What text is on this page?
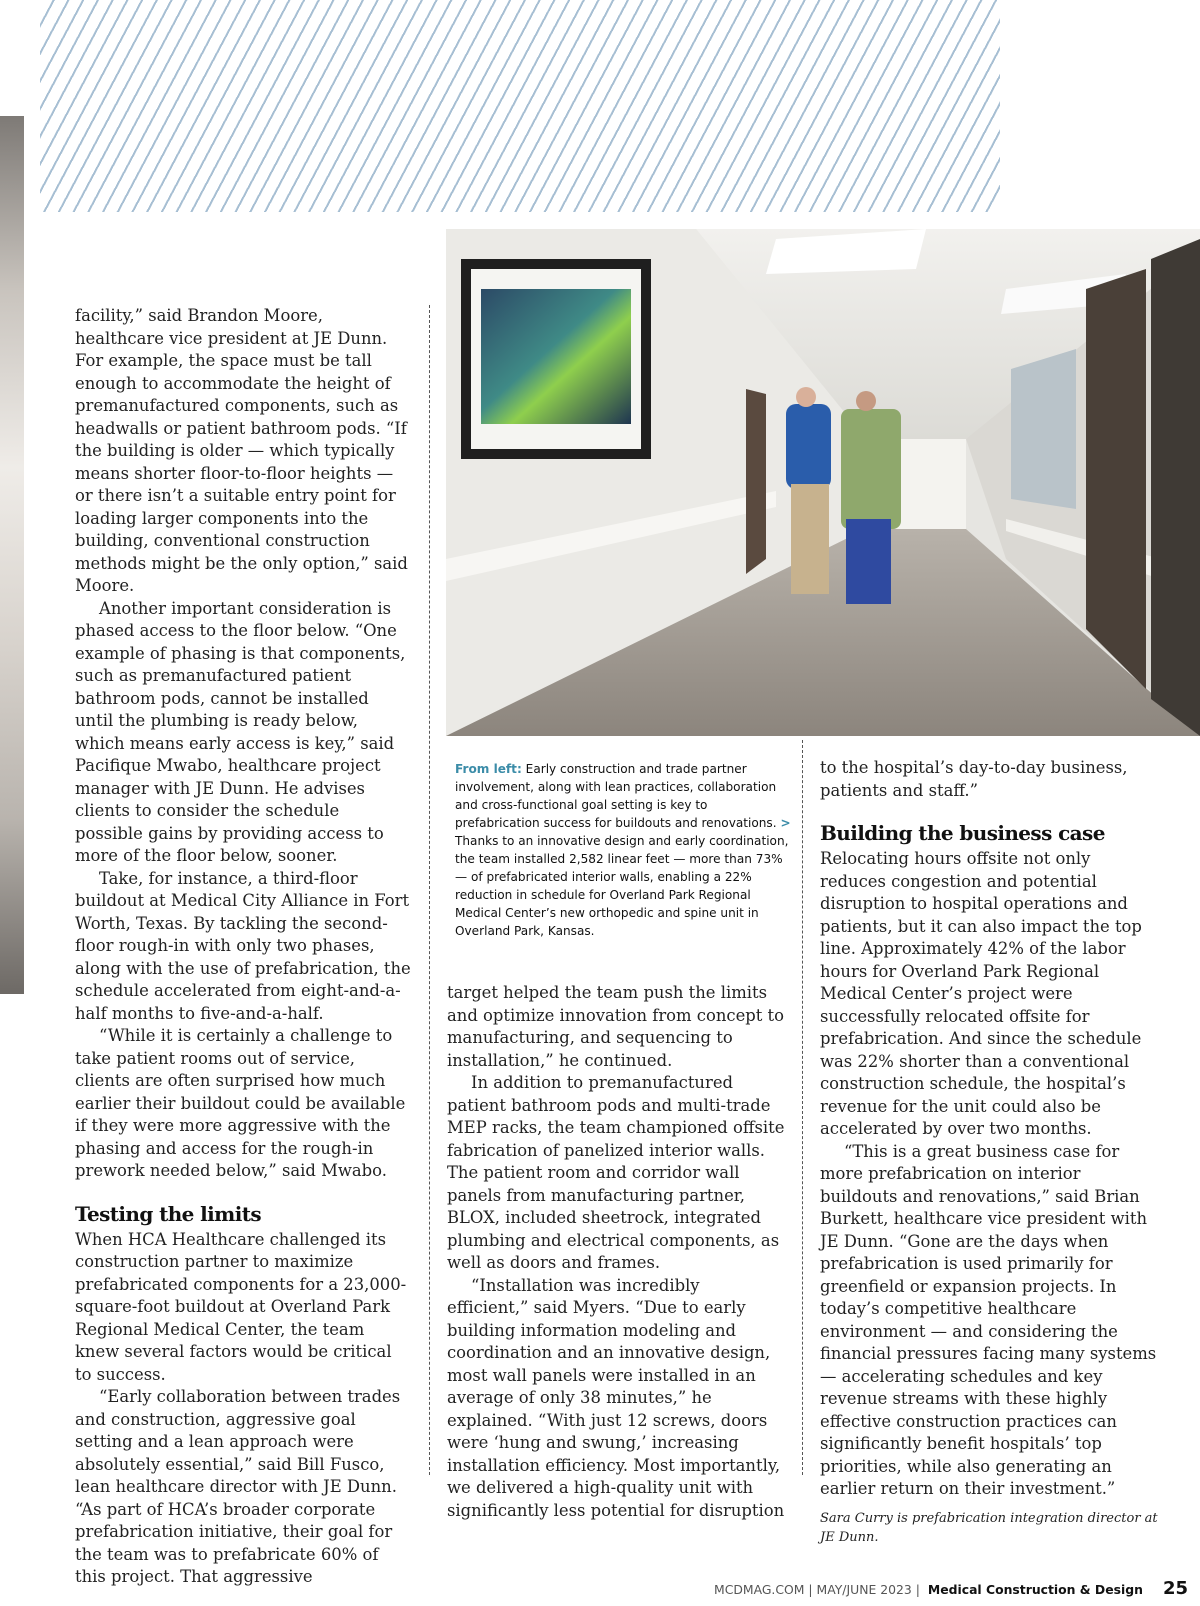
facility,” said Brandon Moore, healthcare vice president at JE Dunn. For example, the space must be tall enough to accommodate the height of premanufactured components, such as headwalls or patient bathroom pods. “If the building is older — which typically means shorter floor-to-floor heights — or there isn’t a suitable entry point for loading larger components into the building, conventional construction methods might be the only option,” said Moore.

Another important consideration is phased access to the floor below. “One example of phasing is that components, such as premanufactured patient bathroom pods, cannot be installed until the plumbing is ready below, which means early access is key,” said Pacifique Mwabo, healthcare project manager with JE Dunn. He advises clients to consider the schedule possible gains by providing access to more of the floor below, sooner.

Take, for instance, a third-floor buildout at Medical City Alliance in Fort Worth, Texas. By tackling the second-floor rough-in with only two phases, along with the use of prefabrication, the schedule accelerated from eight-and-a-half months to five-and-a-half.

“While it is certainly a challenge to take patient rooms out of service, clients are often surprised how much earlier their buildout could be available if they were more aggressive with the phasing and access for the rough-in prework needed below,” said Mwabo.

Testing the limits

When HCA Healthcare challenged its construction partner to maximize prefabricated components for a 23,000-square-foot buildout at Overland Park Regional Medical Center, the team knew several factors would be critical to success.

“Early collaboration between trades and construction, aggressive goal setting and a lean approach were absolutely essential,” said Bill Fusco, lean healthcare director with JE Dunn. “As part of HCA’s broader corporate prefabrication initiative, their goal for the team was to prefabricate 60% of this project. That aggressive

From left: Early construction and trade partner involvement, along with lean practices, collaboration and cross-functional goal setting is key to prefabrication success for buildouts and renovations. > Thanks to an innovative design and early coordination, the team installed 2,582 linear feet — more than 73% — of prefabricated interior walls, enabling a 22% reduction in schedule for Overland Park Regional Medical Center’s new orthopedic and spine unit in Overland Park, Kansas.

target helped the team push the limits and optimize innovation from concept to manufacturing, and sequencing to installation,” he continued.

In addition to premanufactured patient bathroom pods and multi-trade MEP racks, the team championed offsite fabrication of panelized interior walls. The patient room and corridor wall panels from manufacturing partner, BLOX, included sheetrock, integrated plumbing and electrical components, as well as doors and frames.

“Installation was incredibly efficient,” said Myers. “Due to early building information modeling and coordination and an innovative design, most wall panels were installed in an average of only 38 minutes,” he explained. “With just 12 screws, doors were ‘hung and swung,’ increasing installation efficiency. Most importantly, we delivered a high-quality unit with significantly less potential for disruption

to the hospital’s day-to-day business, patients and staff.”

Building the business case

Relocating hours offsite not only reduces congestion and potential disruption to hospital operations and patients, but it can also impact the top line. Approximately 42% of the labor hours for Overland Park Regional Medical Center’s project were successfully relocated offsite for prefabrication. And since the schedule was 22% shorter than a conventional construction schedule, the hospital’s revenue for the unit could also be accelerated by over two months.

“This is a great business case for more prefabrication on interior buildouts and renovations,” said Brian Burkett, healthcare vice president with JE Dunn. “Gone are the days when prefabrication is used primarily for greenfield or expansion projects. In today’s competitive healthcare environment — and considering the financial pressures facing many systems — accelerating schedules and key revenue streams with these highly effective construction practices can significantly benefit hospitals’ top priorities, while also generating an earlier return on their investment.”

Sara Curry is prefabrication integration director at JE Dunn.

MCDMAG.COM | MAY/JUNE 2023 | Medical Construction & Design 25
